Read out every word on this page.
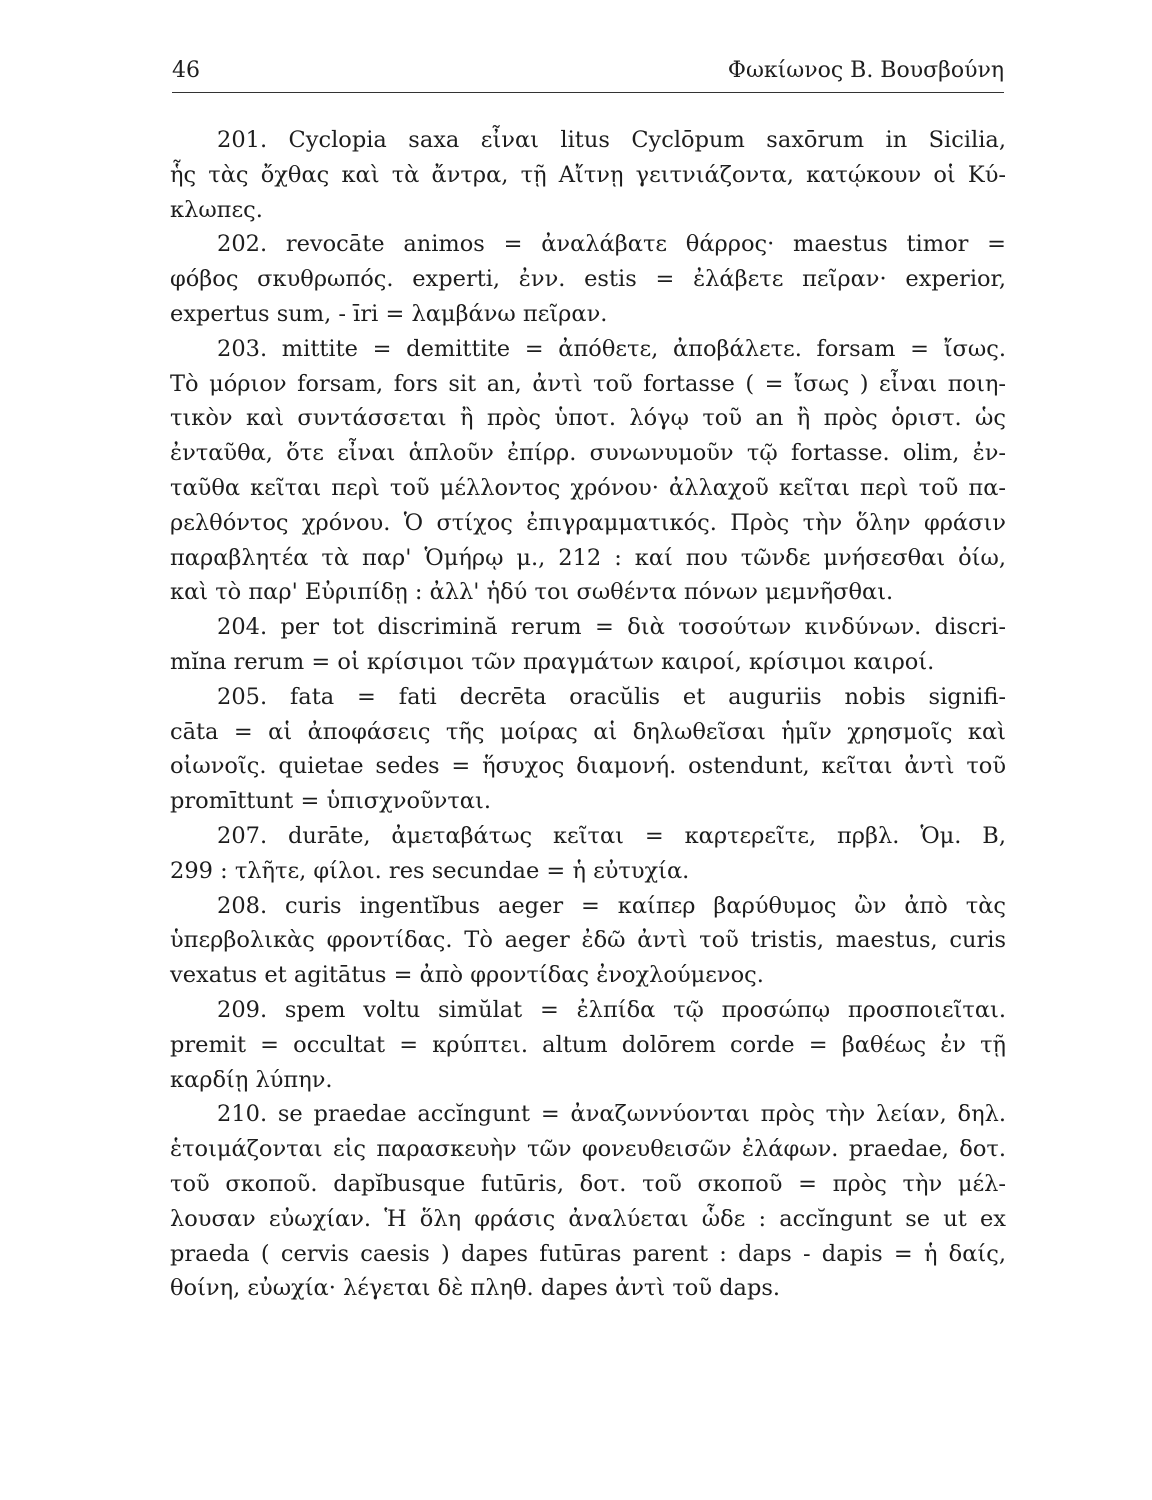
46	Φωκίωνος Β. Βουσβούνη
201. Cyclopia saxa εἶναι litus Cyclōpum saxōrum in Sicilia,
ἧς τὰς ὄχθας καὶ τὰ ἄντρα, τῇ Αἴτνῃ γειτνιάζοντα, κατῴκουν οἱ Κύ-
κλωπες.
202. revocāte animos = ἀναλάβατε θάρρος· maestus timor =
φόβος σκυθρωπός. experti, ἐνν. estis = ἐλάβετε πεῖραν· experior,
expertus sum, - īri = λαμβάνω πεῖραν.
203. mittite = demittite = ἀπόθετε, ἀποβάλετε. forsam = ἴσως.
Τὸ μόριον forsam, fors sit an, ἀντὶ τοῦ fortasse ( = ἴσως ) εἶναι ποιη-
τικὸν καὶ συντάσσεται ἢ πρὸς ὑποτ. λόγῳ τοῦ an ἢ πρὸς ὁριστ. ὡς
ἐνταῦθα, ὅτε εἶναι ἁπλοῦν ἐπίρρ. συνωνυμοῦν τῷ fortasse. olim, ἐν-
ταῦθα κεῖται περὶ τοῦ μέλλοντος χρόνου· ἀλλαχοῦ κεῖται περὶ τοῦ πα-
ρελθόντος χρόνου. Ὁ στίχος ἐπιγραμματικός. Πρὸς τὴν ὅλην φράσιν
παραβλητέα τὰ παρ' Ὁμήρῳ μ., 212 : καί που τῶνδε μνήσεσθαι ὀίω,
καὶ τὸ παρ' Εὐριπίδῃ : ἀλλ' ἡδύ τοι σωθέντα πόνων μεμνῆσθαι.
204. per tot discrimină rerum = διὰ τοσούτων κινδύνων. discri-
mĭna rerum = οἱ κρίσιμοι τῶν πραγμάτων καιροί, κρίσιμοι καιροί.
205. fata = fati decrēta oracŭlis et auguriis nobis signifi-
cāta = αἱ ἀποφάσεις τῆς μοίρας αἱ δηλωθεῖσαι ἡμῖν χρησμοῖς καὶ
οἰωνοῖς. quietae sedes = ἥσυχος διαμονή. ostendunt, κεῖται ἀντὶ τοῦ
promīttunt = ὑπισχνοῦνται.
207. durāte, ἀμεταβάτως κεῖται = καρτερεῖτε, πρβλ. Ὁμ. Β,
299 : τλῆτε, φίλοι. res secundae = ἡ εὐτυχία.
208. curis ingentĭbus aeger = καίπερ βαρύθυμος ὢν ἀπὸ τὰς
ὑπερβολικὰς φροντίδας. Τὸ aeger ἐδῶ ἀντὶ τοῦ tristis, maestus, curis
vexatus et agitātus = ἀπὸ φροντίδας ἐνοχλούμενος.
209. spem voltu simŭlat = ἐλπίδα τῷ προσώπῳ προσποιεῖται.
premit = occultat = κρύπτει. altum dolōrem corde = βαθέως ἐν τῇ
καρδίῃ λύπην.
210. se praedae accĭngunt = ἀναζωννύονται πρὸς τὴν λείαν, δηλ.
ἑτοιμάζονται εἰς παρασκευὴν τῶν φονευθεισῶν ἐλάφων. praedae, δοτ.
τοῦ σκοποῦ. dapĭbusque futūris, δοτ. τοῦ σκοποῦ = πρὸς τὴν μέλ-
λουσαν εὐωχίαν. Ἡ ὅλη φράσις ἀναλύεται ὧδε : accĭngunt se ut ex
praeda ( cervis caesis ) dapes futūras parent : daps - dapis = ἡ δαίς,
θοίνη, εὐωχία· λέγεται δὲ πληθ. dapes ἀντὶ τοῦ daps.
